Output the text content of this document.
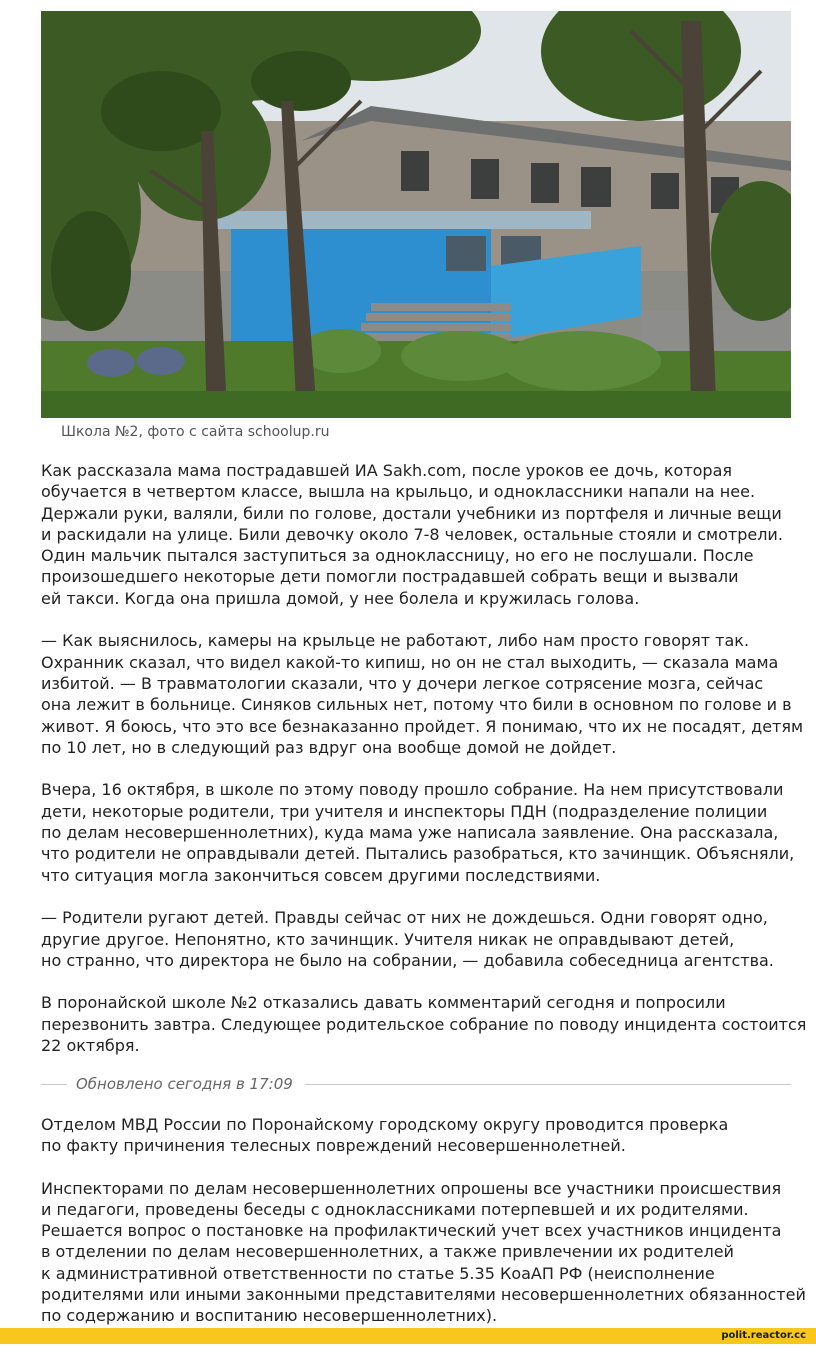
Школа №2, фото с сайта schoolup.ru

Как рассказала мама пострадавшей ИА Sakh.com, после уроков ее дочь, которая
обучается в четвертом классе, вышла на крыльцо, и одноклассники напали на нее.
Держали руки, валяли, били по голове, достали учебники из портфеля и личные вещи
и раскидали на улице. Били девочку около 7-8 человек, остальные стояли и смотрели.
Один мальчик пытался заступиться за одноклассницу, но его не послушали. После
произошедшего некоторые дети помогли пострадавшей собрать вещи и вызвали
ей такси. Когда она пришла домой, у нее болела и кружилась голова.

— Как выяснилось, камеры на крыльце не работают, либо нам просто говорят так.
Охранник сказал, что видел какой-то кипиш, но он не стал выходить, — сказала мама
избитой. — В травматологии сказали, что у дочери легкое сотрясение мозга, сейчас
она лежит в больнице. Синяков сильных нет, потому что били в основном по голове и в
живот. Я боюсь, что это все безнаказанно пройдет. Я понимаю, что их не посадят, детям
по 10 лет, но в следующий раз вдруг она вообще домой не дойдет.

Вчера, 16 октября, в школе по этому поводу прошло собрание. На нем присутствовали
дети, некоторые родители, три учителя и инспекторы ПДН (подразделение полиции
по делам несовершеннолетних), куда мама уже написала заявление. Она рассказала,
что родители не оправдывали детей. Пытались разобраться, кто зачинщик. Объясняли,
что ситуация могла закончиться совсем другими последствиями.

— Родители ругают детей. Правды сейчас от них не дождешься. Одни говорят одно,
другие другое. Непонятно, кто зачинщик. Учителя никак не оправдывают детей,
но странно, что директора не было на собрании, — добавила собеседница агентства.

В поронайской школе №2 отказались давать комментарий сегодня и попросили
перезвонить завтра. Следующее родительское собрание по поводу инцидента состоится
22 октября.

Обновлено сегодня в 17:09

Отделом МВД России по Поронайскому городскому округу проводится проверка
по факту причинения телесных повреждений несовершеннолетней.

Инспекторами по делам несовершеннолетних опрошены все участники происшествия
и педагоги, проведены беседы с одноклассниками потерпевшей и их родителями.
Решается вопрос о постановке на профилактический учет всех участников инцидента
в отделении по делам несовершеннолетних, а также привлечении их родителей
к административной ответственности по статье 5.35 КоаАП РФ (неисполнение
родителями или иными законными представителями несовершеннолетних обязанностей
по содержанию и воспитанию несовершеннолетних).

polit.reactor.cc
